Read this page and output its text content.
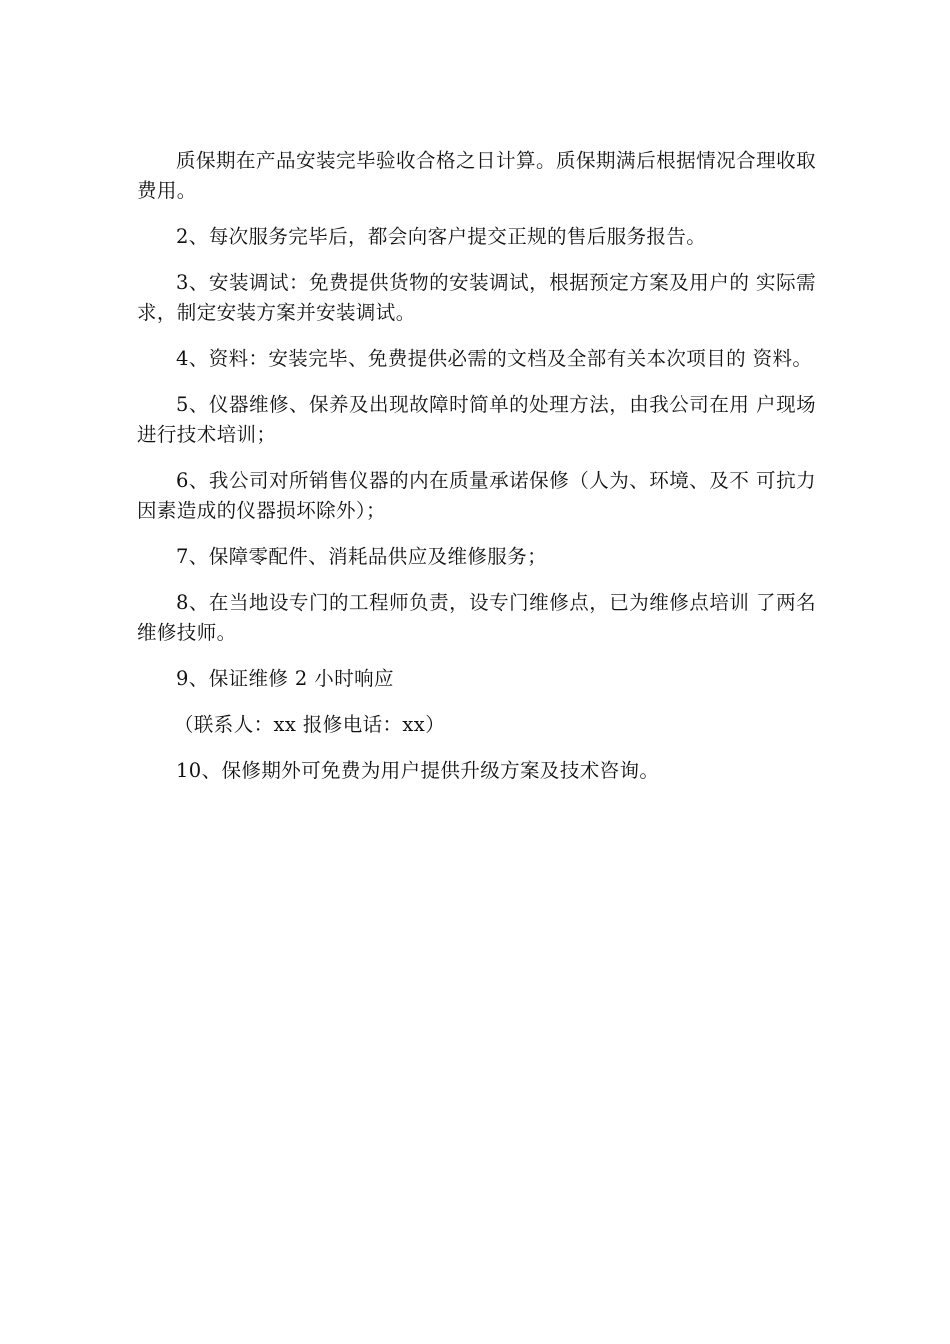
质保期在产品安装完毕验收合格之日计算。质保期满后根据情况合理收取费用。

2、每次服务完毕后，都会向客户提交正规的售后服务报告。

3、安装调试：免费提供货物的安装调试，根据预定方案及用户的 实际需求，制定安装方案并安装调试。

4、资料：安装完毕、免费提供必需的文档及全部有关本次项目的 资料。

5、仪器维修、保养及出现故障时简单的处理方法，由我公司在用 户现场进行技术培训；

6、我公司对所销售仪器的内在质量承诺保修（人为、环境、及不 可抗力因素造成的仪器损坏除外）；

7、保障零配件、消耗品供应及维修服务；

8、在当地设专门的工程师负责，设专门维修点，已为维修点培训 了两名维修技师。

9、保证维修 2 小时响应

（联系人：xx 报修电话：xx）

10、保修期外可免费为用户提供升级方案及技术咨询。
